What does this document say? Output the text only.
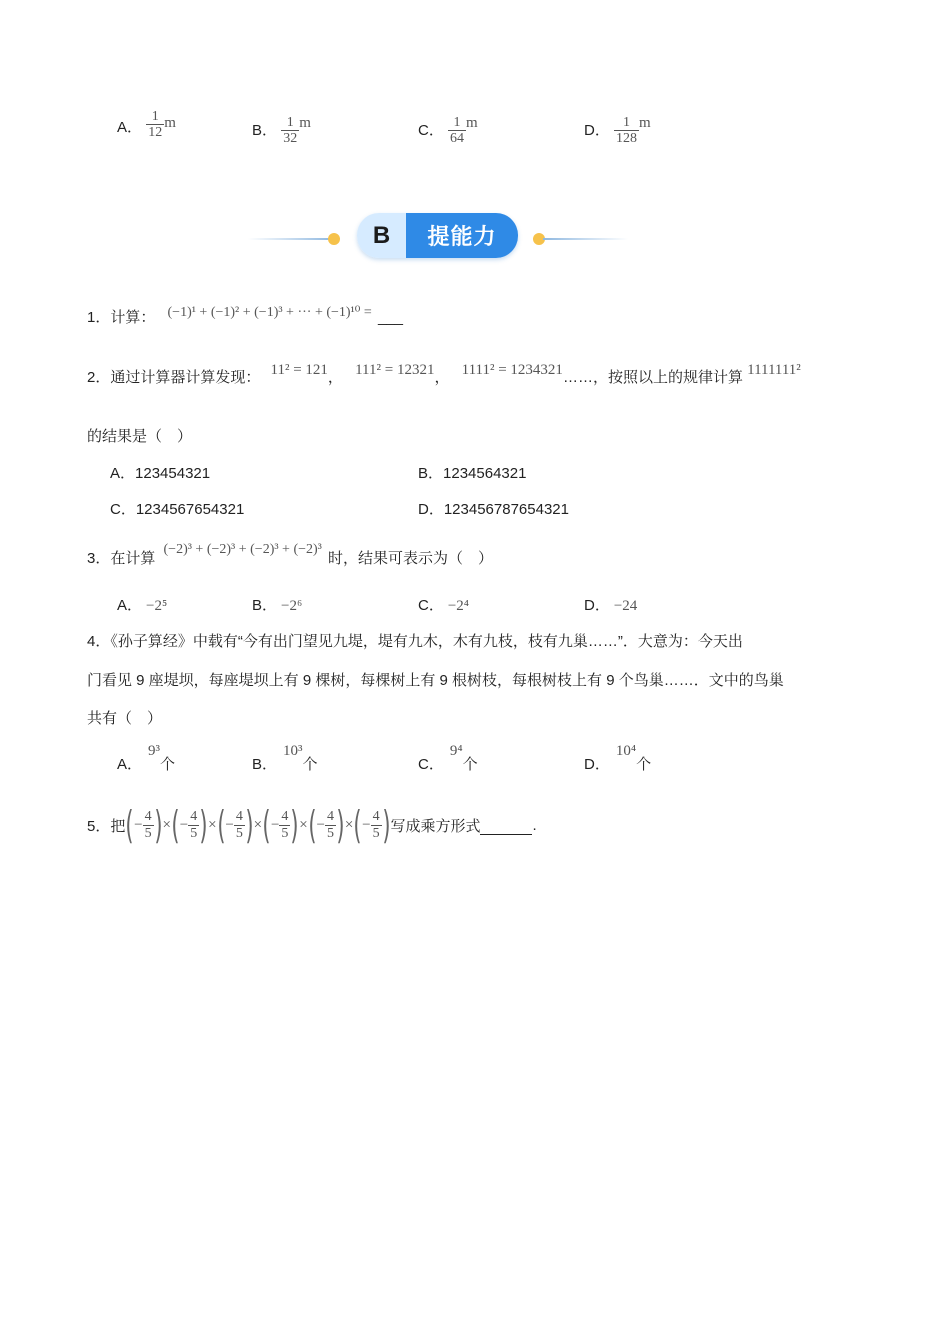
A． $\frac{1}{12}$ m	B． $\frac{1}{32}$ m	C． $\frac{1}{64}$ m	D． $\frac{1}{128}$ m
B	提能力
1．计算： (−1)¹ + (−1)² + (−1)³ + ··· + (−1)¹⁰ = ___
2．通过计算器计算发现： 11² = 121， 111² = 12321， 1111² = 1234321……，按照以上的规律计算 1111111²
的结果是（　）
A．123454321	B．1234564321
C．1234567654321	D．123456787654321
3．在计算 (−2)³ + (−2)³ + (−2)³ + (−2)³ 时，结果可表示为（　）
A． −2⁵	B． −2⁶	C． −2⁴	D． −24
4．《孙子算经》中载有“今有出门望见九堤，堤有九木，木有九枝，枝有九巢……”．大意为：今天出
门看见 9 座堤坝，每座堤坝上有 9 棵树，每棵树上有 9 根树枝，每根树枝上有 9 个鸟巢……．文中的鸟巢
共有（　）
A．9³个	B．10³个	C．9⁴个	D．10⁴个
5．把 (− $\frac{4}{5}$ ) × (− $\frac{4}{5}$ ) × (− $\frac{4}{5}$ ) × (− $\frac{4}{5}$ ) × (− $\frac{4}{5}$ ) × (− $\frac{4}{5}$ ) 写成乘方形式	.
